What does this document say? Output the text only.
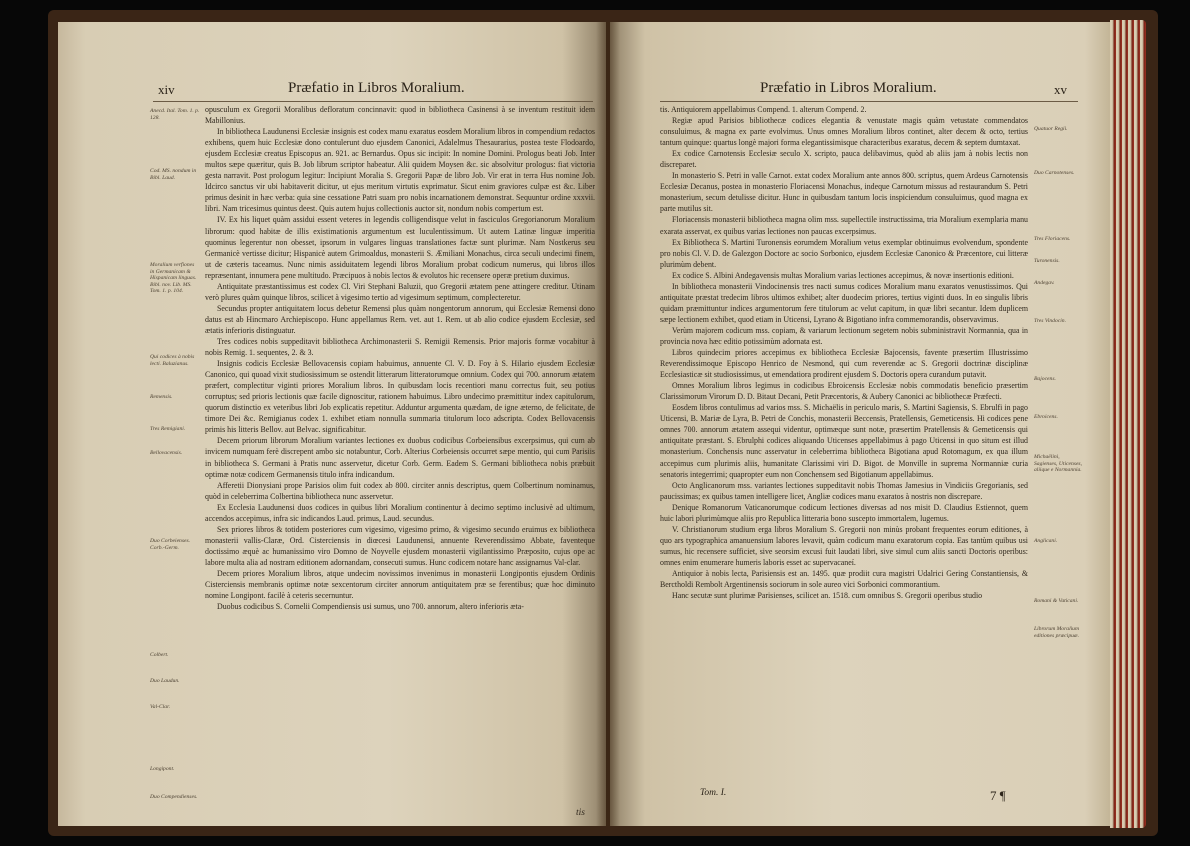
xiv	Præfatio in Libros Moralium.
Anecd. Ital. Tom. 1. p. 128.
Cod. MS. nondum in Bibl. Laud.
Moralium verfiones in Germanicam & Hispanicam linguas. Bibl. nov. Lib. MS. Tom. 1. p. 104.
Qui codices à nobis lecti. Baluzianus.
Remensis.
Tres Remigiani.
Bellovacensis.
Duo Corbeienses. Corb.-Germ.
Colbert.
Duo Laudun.
Val-Clar.
Longipont.
Duo Compendienses.

opusculum ex Gregorii Moralibus deflоratum concinnavit: quod in bibliotheca Casinensi à se inventum restituit idem Mabillonius.

In bibliotheca Laudunensi Ecclesiæ insignis est codex manu exaratus eosdem Moralium libros in compendium redactos exhibens, quem huic Ecclesiæ dono contulerunt duo ejusdem Canonici, Adalelmus Thesaurarius, postea teste Flodoardo, ejusdem Ecclesiæ creatus Episcopus an. 921. ac Bernardus. Opus sic incipit: In nomine Domini. Prologus beati Job. Inter multos sæpe quæritur, quis B. Job librum scriptor habeatur. Alii quidem Moysen &c. sic absolvitur prologus: fiat victoria gesta narravit. Post prologum legitur: Incipiunt Moralia S. Gregorii Papæ de libro Job. Vir erat in terra Hus nomine Job. Idcirco sanctus vir ubi habitaverit dicitur, ut ejus meritum virtutis exprimatur. Sicut enim graviores culpæ est &c. Liber primus desinit in hæc verba: quia sine cessatione Patri suam pro nobis incarnationem demonstrat. Sequuntur ordine xxxvii. libri. Nam tricesimus quintus deest. Quis autem hujus collectionis auctor sit, nondum nobis compertum est.

IV. Ex his liquet quàm assidui essent veteres in legendis colligendisque velut in fasciculos Gregorianorum Moralium librorum: quod habitæ de illis existimationis argumentum est luculentissimum. Ut autem Latinæ linguæ imperitia quominus legerentur non obesset, ipsorum in vulgares linguas translationes factæ sunt plurimæ. Nam Nostkerus seu Germanicè vertisse dicitur; Hispanicè autem Grimoaldus, monasterii S. Æmiliani Monachus, circa seculi undecimi finem, ut de cæteris taceamus. Nunc nimis assiduitatem legendi libros Moralium probat codicum numerus, qui libros illos repræsentant, innumera pene multitudo. Præcipuos à nobis lectos & evolutos hic recensere operæ pretium duximus.

Antiquitate præstantissimus est codex Cl. Viri Stephani Baluzii, quo Gregorii ætatem pene attingere creditur. Utinam verò plures quàm quinque libros, scilicet à vigesimo tertio ad vigesimum septimum, complecteretur.

Secundus propter antiquitatem locus debetur Remensi plus quàm nongentorum annorum, qui Ecclesiæ Remensi dono datus est ab Hincmaro Archiepiscopo. Hunc appellamus Rem. vet. aut 1. Rem. ut ab alio codice ejusdem Ecclesiæ, sed ætatis inferioris distinguatur.

Tres codices nobis suppeditavit bibliotheca Archimonasterii S. Remigii Remensis. Prior majoris formæ vocabitur à nobis Remig. 1. sequentes, 2. & 3.

Insignis codicis Ecclesiæ Bellovacensis copiam habuimus, annuente Cl. V. D. Foy à S. Hilario ejusdem Ecclesiæ Canonico, qui quoad vixit studiosissimum se ostendit litterarum litteratorumque omnium. Codex qui 700. annorum ætatem præfert, complectitur viginti priores Moralium libros. In quibusdam locis recentiori manu correctus fuit, seu potius corruptus; sed prioris lectionis quæ facile dignoscitur, rationem habuimus. Libro undecimo præmittitur index capitulorum, quorum distinctio ex veteribus libri Job explicatis repetitur. Adduntur argumenta quædam, de igne æterno, de felicitate, de timore Dei &c. Remigianus codex 1. exhibet etiam nonnulla summaria titulorum loco adscripta. Codex Bellovacensis primis his litteris Bellov. aut Belvac. significabitur.

Decem priorum librorum Moralium variantes lectiones ex duobus codicibus Corbeiensibus excerpsimus, qui cum ab invicem numquam ferè discrepent ambo sic notabuntur, Corb. Alterius Corbeiensis occurret sæpe mentio, qui cum Parisiis in bibliotheca S. Germani à Pratis nunc asservetur, dicetur Corb. Germ. Eadem S. Germani bibliotheca nobis præbuit optimæ notæ codicem Germanensis titulo infra indicandum.

Afferetii Dionysiani prope Parisios olim fuit codex ab 800. circiter annis descriptus, quem Colbertinum nominamus, quòd in celeberrima Colbertina bibliotheca nunc asservetur.

Ex Ecclesia Laudunensi duos codices in quibus libri Moralium continentur à decimo septimo inclusivè ad ultimum, accendos accepimus, infra sic indicandos Laud. primus, Laud. secundus.

Sex priores libros & totidem posteriores cum vigesimo, vigesimo primo, & vigesimo secundo eruimus ex bibliotheca monasterii vallis-Claræ, Ord. Cisterciensis in diœcesi Laudunensi, annuente Reverendissimo Abbate, faventeque doctissimo æquè ac humanissimo viro Domno de Noyvelle ejusdem monasterii vigilantissimo Præposito, cujus ope ac labore multa alia ad nostram editionem adornandam, consecuti sumus. Hunc codicem notare hanc assignamus Val-clar.

Decem priores Moralium libros, atque undecim novissimos invenimus in monasterii Longipontis ejusdem Ordinis Cisterciensis membranis optimæ notæ sexcentorum circiter annorum antiquitatem præ se ferentibus; quæ hoc diminuto nomine Longipont. facilè à ceteris secernuntur.

Duobus codicibus S. Cornelii Compendiensis usi sumus, uno 700. annorum, altero inferioris æta-

tis
Præfatio in Libros Moralium.	xv

tis. Antiquiorem appellabimus Compend. 1. alterum Compend. 2.

Regiæ apud Parisios bibliothecæ codices elegantia & venustate magis quàm vetustate commendatos consuluimus, & magna ex parte evolvimus. Unus omnes Moralium libros continet, alter decem & octo, tertius tantum quinque: quartus longè majori forma elegantissimisque characteribus exaratus, decem & septem dumtaxat.

Ex codice Carnotensis Ecclesiæ seculo X. scripto, pauca delibavimus, quòd ab aliis jam à nobis lectis non discreparet.

In monasterio S. Petri in valle Carnot. extat codex Moralium ante annos 800. scriptus, quem Ardeus Carnotensis Ecclesiæ Decanus, postea in monasterio Floriacensi Monachus, indeque Carnotum missus ad restaurandum S. Petri monasterium, secum detulisse dicitur. Hunc in quibusdam tantum locis inspiciendum consuluimus, quod magna ex parte mutilus sit.

Floriacensis monasterii bibliotheca magna olim mss. supellectile instructissima, tria Moralium exemplaria manu exarata asservat, ex quibus varias lectiones non paucas excerpsimus.

Ex Bibliotheca S. Martini Turonensis eorumdem Moralium vetus exemplar obtinuimus evolvendum, spondente pro nobis Cl. V. D. de Galezgon Doctore ac socio Sorbonico, ejusdem Ecclesiæ Canonico & Præcentore, cui litteræ plurimùm debent.

Ex codice S. Albini Andegavensis multas Moralium varias lectiones accepimus, & novæ insertionis editioni.

In bibliotheca monasterii Vindocinensis tres nacti sumus codices Moralium manu exaratos venustissimos. Qui antiquitate præstat tredecim libros ultimos exhibet; alter duodecim priores, tertius viginti duos. In eo singulis libris quidam præmittuntur indices argumentorum fere titulorum ac velut capitum, in quæ libri secantur. Idem duplicem sæpe lectionem exhibet, quod etiam in Uticensi, Lyrano & Bigotiano infra commemorandis, observavimus.

Verùm majorem codicum mss. copiam, & variarum lectionum segetem nobis subministravit Normannia, qua in provincia nova hæc editio potissimùm adornata est.

Libros quindecim priores accepimus ex bibliotheca Ecclesiæ Bajocensis, favente præsertim Illustrissimo Reverendissimoque Episcopo Henrico de Nesmond, qui cum reverendæ ac S. Gregorii doctrinæ disciplinæ Ecclesiasticæ sit studiosissimus, ut emendatiora prodirent ejusdem S. Doctoris opera curandum putavit.

Omnes Moralium libros legimus in codicibus Ebroicensis Ecclesiæ nobis commodatis beneficio præsertim Clarissimorum Virorum D. D. Bitaut Decani, Petit Præcentoris, & Aubery Canonici ac bibliothecæ Præfecti.

Eosdem libros contulimus ad varios mss. S. Michaëlis in periculo maris, S. Martini Sagiensis, S. Ebrulfi in pago Uticensi, B. Mariæ de Lyra, B. Petri de Conchis, monasterii Beccensis, Pratellensis, Gemeticensis. Hi codices pene omnes 700. annorum ætatem assequi videntur, optimæque sunt notæ, præsertim Pratellensis & Gemeticensis qui antiquitate præstant. S. Ebrulphi codices aliquando Uticenses appellabimus à pago Uticensi in quo situm est illud monasterium. Conchensis nunc asservatur in celeberrima bibliotheca Bigotiana apud Rotomagum, ex qua illum accepimus cum plurimis aliis, humanitate Clarissimi viri D. Bigot. de Monville in suprema Normanniæ curia senatoris integerrimi; quapropter eum non Conchensem sed Bigotianum appellabimus.

Octo Anglicanorum mss. variantes lectiones suppeditavit nobis Thomas Jamesius in Vindiciis Gregorianis, sed paucissimas; ex quibus tamen intelligere licet, Angliæ codices manu exaratos à nostris non discrepare.

Denique Romanorum Vaticanorumque codicum lectiones diversas ad nos misit D. Claudius Estiennot, quem huic labori plurimùmque aliis pro Republica litteraria bono suscepto immortalem, lugemus.

V. Christianorum studium erga libros Moralium S. Gregorii non minùs probant frequentes eorum editiones, à quo ars typographica amanuensium labores levavit, quàm codicum manu exaratorum copia. Eas tantùm quibus usi sumus, hic recensere sufficiet, sive seorsim excusi fuit laudati libri, sive simul cum aliis sancti Doctoris operibus: omnes enim enumerare humeris laboris esset ac supervacaneí.

Antiquior à nobis lecta, Parisiensis est an. 1495. quæ prodiit cura magistri Udalrici Gering Constantiensis, & Berctholdi Rembolt Argentinensis sociorum in sole aureo vici Sorbonici commorantium.

Hanc secutæ sunt plurimæ Parisienses, scilicet an. 1518. cum omnibus S. Gregorii operibus studio

Quatuor Regii.
Duo Carnotenses.
Tres Floriacens.
Turonensis.
Andegav.
Tres Vindocin.
Bajocens.
Ebroicens.
Michaëlini, Sagienses, Uticenses, aliique e Normannia.
Anglicani.
Romani & Vaticani.
Librorum Moralium editiones præcipuæ.
Tom. I.	7 ¶
